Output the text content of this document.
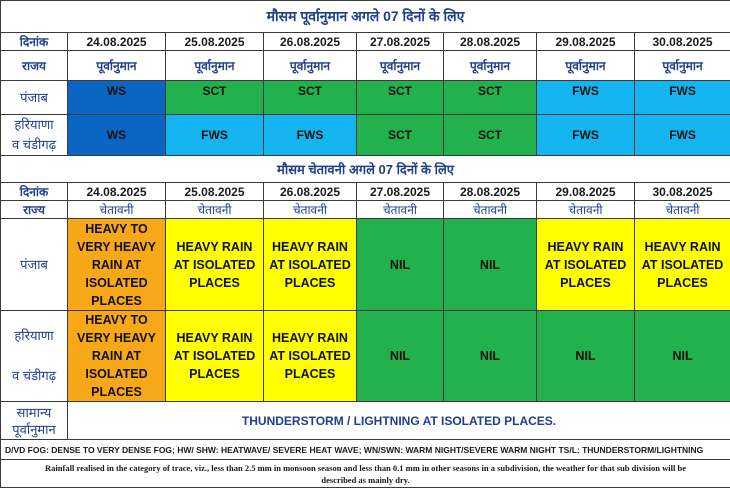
मौसम पूर्वानुमान अगले 07 दिनों के लिए							
दिनांक	24.08.2025	25.08.2025	26.08.2025	27.08.2025	28.08.2025	29.08.2025	30.08.2025
राजय	पूर्वानुमान	पूर्वानुमान	पूर्वानुमान	पूर्वानुमान	पूर्वानुमान	पूर्वानुमान	पूर्वानुमान
पंजाब	WS	SCT	SCT	SCT	SCT	FWS	FWS
हरियाणा
व चंडीगढ़	WS	FWS	FWS	SCT	SCT	FWS	FWS
मौसम चेतावनी अगले 07 दिनों के लिए							
दिनांक	24.08.2025	25.08.2025	26.08.2025	27.08.2025	28.08.2025	29.08.2025	30.08.2025
राज्य	चेतावनी	चेतावनी	चेतावनी	चेतावनी	चेतावनी	चेतावनी	चेतावनी
पंजाब	HEAVY TO
VERY HEAVY
RAIN AT
ISOLATED
PLACES	HEAVY RAIN
AT ISOLATED
PLACES	HEAVY RAIN
AT ISOLATED
PLACES	NIL	NIL	HEAVY RAIN
AT ISOLATED
PLACES	HEAVY RAIN
AT ISOLATED
PLACES
हरियाणा

व चंडीगढ़	HEAVY TO
VERY HEAVY
RAIN AT
ISOLATED
PLACES	HEAVY RAIN
AT ISOLATED
PLACES	HEAVY RAIN
AT ISOLATED
PLACES	NIL	NIL	NIL	NIL
सामान्य
पूर्वानुमान	THUNDERSTORM / LIGHTNING AT ISOLATED PLACES.						
D/VD FOG: DENSE TO VERY DENSE FOG; HW/ SHW: HEATWAVE/ SEVERE HEAT WAVE; WN/SWN: WARM NIGHT/SEVERE WARM NIGHT TS/L: THUNDERSTORM/LIGHTNING							
Rainfall realised in the category of trace, viz., less than 2.5 mm in monsoon season and less than 0.1 mm in other seasons in a subdivision, the weather for that sub division will be
described as mainly dry.							
